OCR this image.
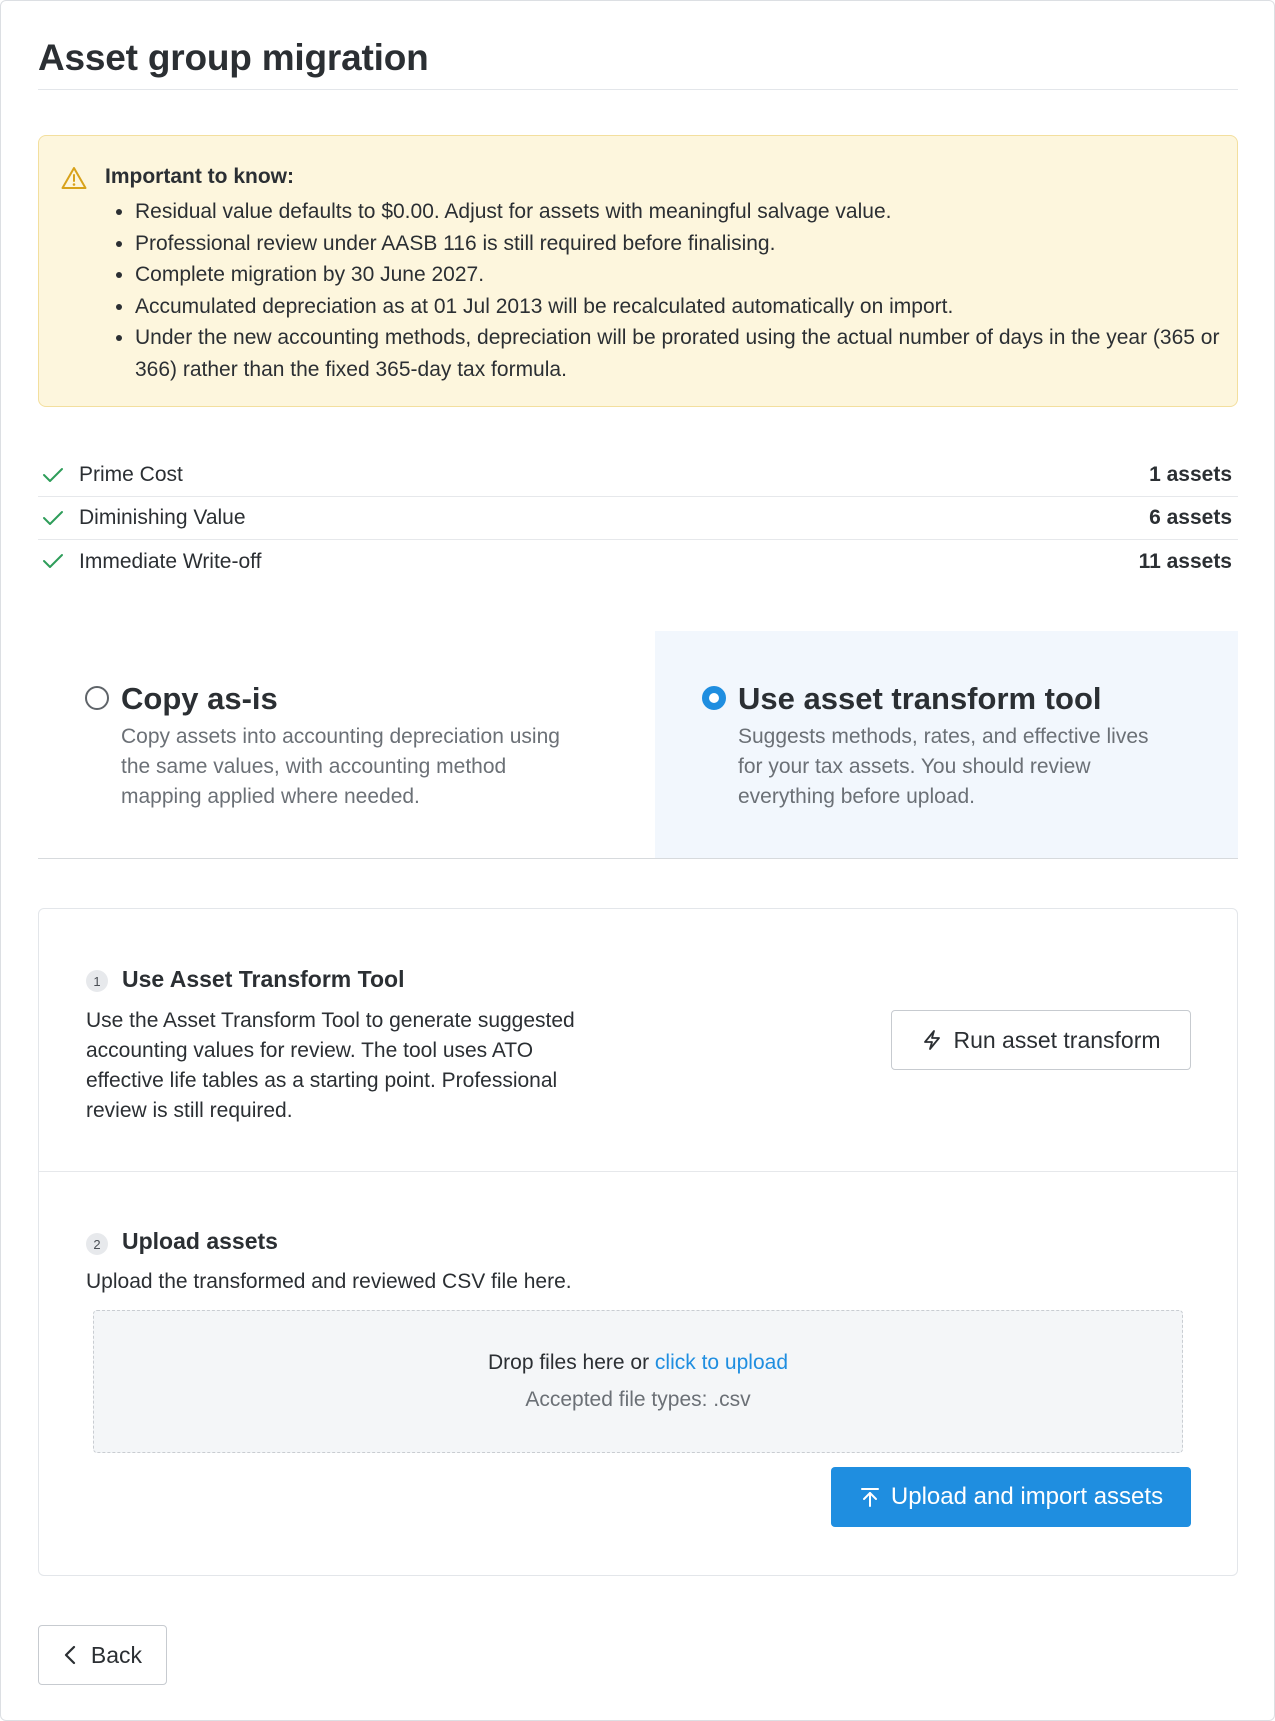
Asset group migration
Important to know:
Residual value defaults to $0.00. Adjust for assets with meaningful salvage value.
Professional review under AASB 116 is still required before finalising.
Complete migration by 30 June 2027.
Accumulated depreciation as at 01 Jul 2013 will be recalculated automatically on import.
Under the new accounting methods, depreciation will be prorated using the actual number of days in the year (365 or 366) rather than the fixed 365-day tax formula.
Prime Cost	1 assets
Diminishing Value	6 assets
Immediate Write-off	11 assets
Copy as-is
Copy assets into accounting depreciation using the same values, with accounting method mapping applied where needed.
Use asset transform tool
Suggests methods, rates, and effective lives for your tax assets. You should review everything before upload.
1 Use Asset Transform Tool
Use the Asset Transform Tool to generate suggested accounting values for review. The tool uses ATO effective life tables as a starting point. Professional review is still required.
Run asset transform
2 Upload assets
Upload the transformed and reviewed CSV file here.
Drop files here or click to upload
Accepted file types: .csv
Upload and import assets
Back
